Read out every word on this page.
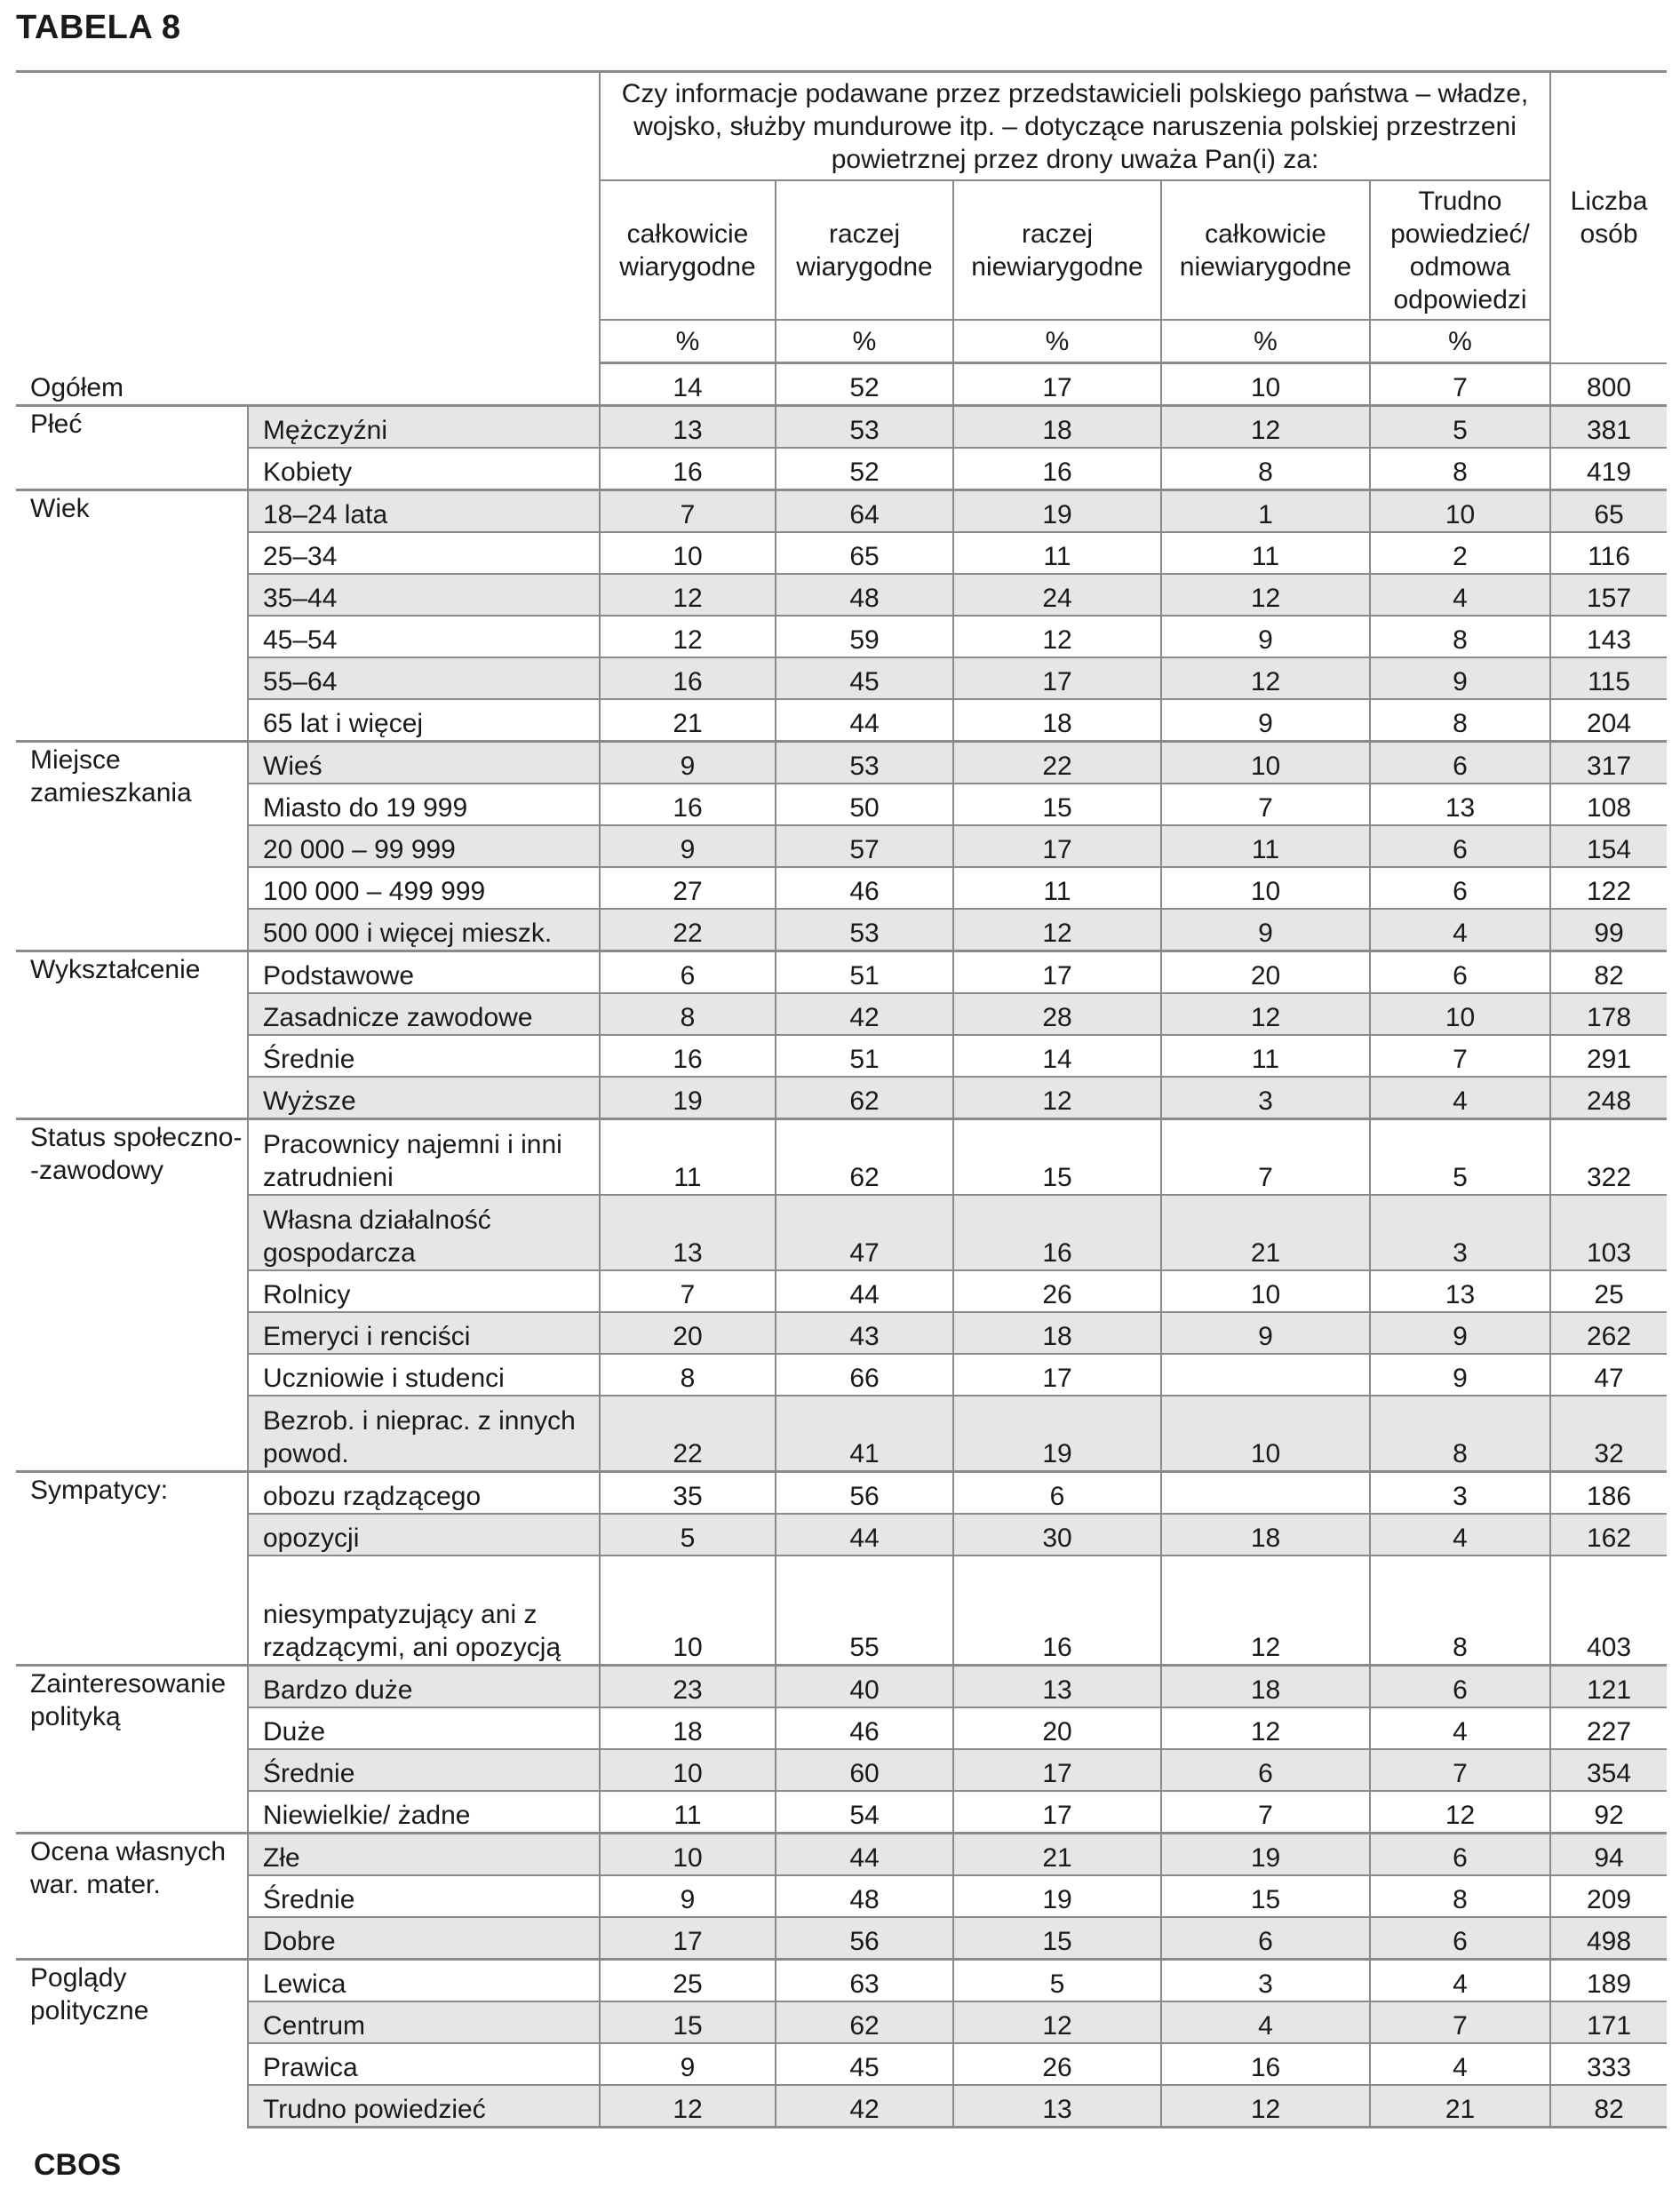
TABELA 8
		Czy informacje podawane przez przedstawicieli polskiego państwa – władze, wojsko, służby mundurowe itp. – dotyczące naruszenia polskiej przestrzeni powietrznej przez drony uważa Pan(i) za:					Liczba osób
		całkowicie wiarygodne	raczej wiarygodne	raczej niewiarygodne	całkowicie niewiarygodne	Trudno powiedzieć/ odmowa odpowiedzi	
		%	%	%	%	%	
Ogółem		14	52	17	10	7	800
Płeć	Mężczyźni	13	53	18	12	5	381
	Kobiety	16	52	16	8	8	419
Wiek	18–24 lata	7	64	19	1	10	65
	25–34	10	65	11	11	2	116
	35–44	12	48	24	12	4	157
	45–54	12	59	12	9	8	143
	55–64	16	45	17	12	9	115
	65 lat i więcej	21	44	18	9	8	204
Miejsce zamieszkania	Wieś	9	53	22	10	6	317
	Miasto do 19 999	16	50	15	7	13	108
	20 000 – 99 999	9	57	17	11	6	154
	100 000 – 499 999	27	46	11	10	6	122
	500 000 i więcej mieszk.	22	53	12	9	4	99
Wykształcenie	Podstawowe	6	51	17	20	6	82
	Zasadnicze zawodowe	8	42	28	12	10	178
	Średnie	16	51	14	11	7	291
	Wyższe	19	62	12	3	4	248
Status społeczno- -zawodowy	Pracownicy najemni i inni zatrudnieni	11	62	15	7	5	322
	Własna działalność gospodarcza	13	47	16	21	3	103
	Rolnicy	7	44	26	10	13	25
	Emeryci i renciści	20	43	18	9	9	262
	Uczniowie i studenci	8	66	17		9	47
	Bezrob. i nieprac. z innych powod.	22	41	19	10	8	32
Sympatycy:	obozu rządzącego	35	56	6		3	186
	opozycji	5	44	30	18	4	162
	niesympatyzujący ani z rządzącymi, ani opozycją	10	55	16	12	8	403
Zainteresowanie polityką	Bardzo duże	23	40	13	18	6	121
	Duże	18	46	20	12	4	227
	Średnie	10	60	17	6	7	354
	Niewielkie/ żadne	11	54	17	7	12	92
Ocena własnych war. mater.	Złe	10	44	21	19	6	94
	Średnie	9	48	19	15	8	209
	Dobre	17	56	15	6	6	498
Poglądy polityczne	Lewica	25	63	5	3	4	189
	Centrum	15	62	12	4	7	171
	Prawica	9	45	26	16	4	333
	Trudno powiedzieć	12	42	13	12	21	82
CBOS
